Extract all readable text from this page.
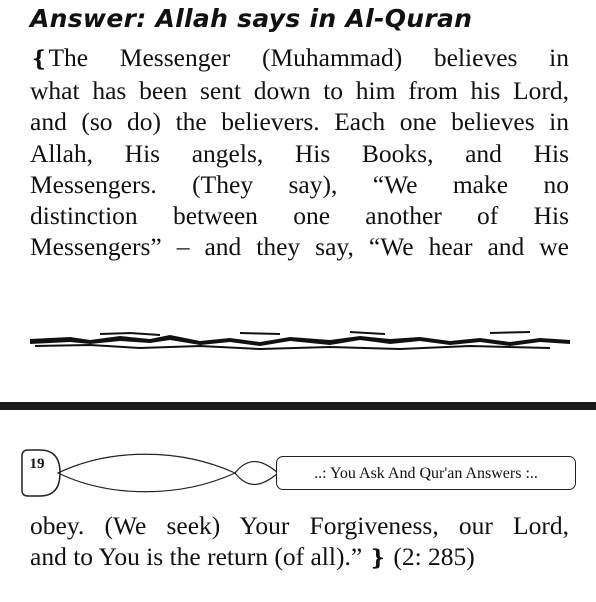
Answer: Allah says in Al-Quran
❴The Messenger (Muhammad) believes in
what has been sent down to him from his Lord,
and (so do) the believers. Each one believes in
Allah, His angels, His Books, and His
Messengers. (They say), “We make no
distinction between one another of His
Messengers” – and they say, “We hear and we
19
..: You Ask And Qur'an Answers :..
obey. (We seek) Your Forgiveness, our Lord,
and to You is the return (of all).” ❵ (2: 285)
